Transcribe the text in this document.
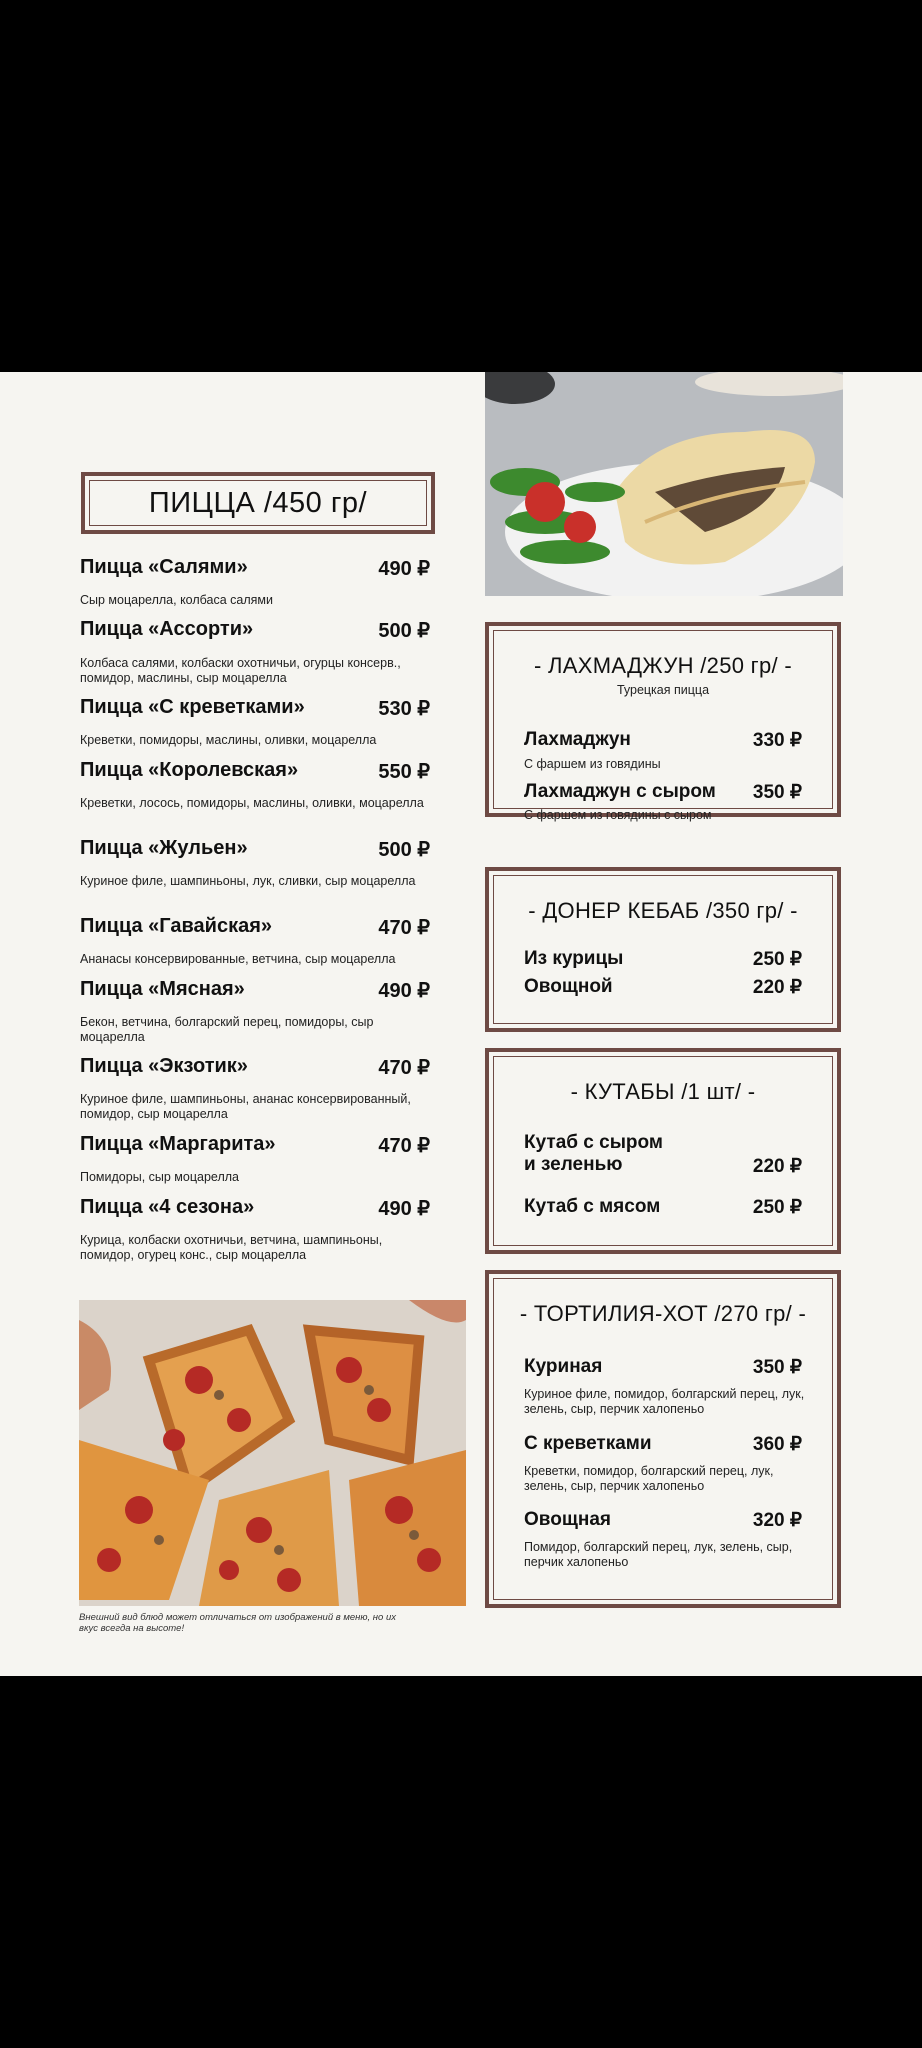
ПИЦЦА /450 гр/
Пицца «Салями»	490 ₽
Сыр моцарелла, колбаса салями
Пицца «Ассорти»	500 ₽
Колбаса салями, колбаски охотничьи, огурцы консерв., помидор, маслины, сыр моцарелла
Пицца «С креветками»	530 ₽
Креветки, помидоры, маслины, оливки, моцарелла
Пицца «Королевская»	550 ₽
Креветки, лосось, помидоры, маслины, оливки, моцарелла
Пицца «Жульен»	500 ₽
Куриное филе, шампиньоны, лук, сливки, сыр моцарелла
Пицца «Гавайская»	470 ₽
Ананасы консервированные, ветчина, сыр моцарелла
Пицца «Мясная»	490 ₽
Бекон, ветчина, болгарский перец, помидоры, сыр моцарелла
Пицца «Экзотик»	470 ₽
Куриное филе, шампиньоны, ананас консервированный, помидор, сыр моцарелла
Пицца «Маргарита»	470 ₽
Помидоры, сыр моцарелла
Пицца «4 сезона»	490 ₽
Курица, колбаски охотничьи, ветчина, шампиньоны, помидор, огурец конс., сыр моцарелла
Внешний вид блюд может отличаться от изображений в меню, но их вкус всегда на высоте!
- ЛАХМАДЖУН /250 гр/ -
Турецкая пицца
Лахмаджун	330 ₽
С фаршем из говядины
Лахмаджун с сыром 350 ₽
С фаршем из говядины с сыром
- ДОНЕР КЕБАБ /350 гр/ -
Из курицы	250 ₽
Овощной	220 ₽
- КУТАБЫ /1 шт/ -
Кутаб с сыром
и зеленью	220 ₽
Кутаб с мясом	250 ₽
- ТОРТИЛИЯ-ХОТ /270 гр/ -
Куриная	350 ₽
Куриное филе, помидор, болгарский перец, лук, зелень, сыр, перчик халопеньо
С креветками	360 ₽
Креветки, помидор, болгарский перец, лук, зелень, сыр, перчик халопеньо
Овощная	320 ₽
Помидор, болгарский перец, лук, зелень, сыр, перчик халопеньо
